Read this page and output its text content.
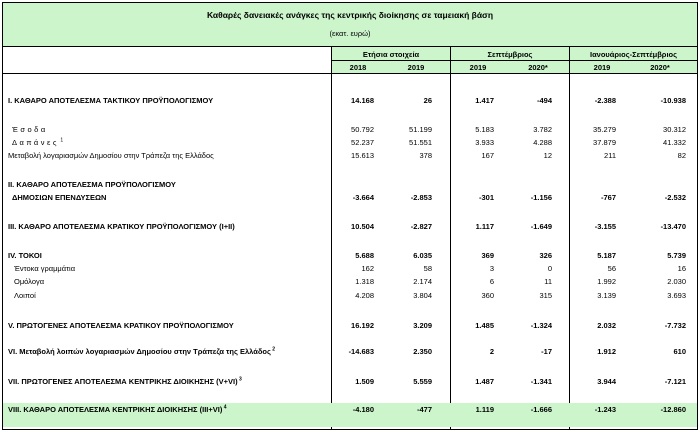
Καθαρές δανειακές ανάγκες της κεντρικής διοίκησης σε ταμειακή βάση
(εκατ. ευρώ)
Ετήσια στοιχεία	Σεπτέμβριος	Ιανουάριος-Σεπτέμβριος
2018	2019	2019	2020*	2019	2020*
I. ΚΑΘΑΡΟ ΑΠΟΤΕΛΕΣΜΑ ΤΑΚΤΙΚΟΥ ΠΡΟΫΠΟΛΟΓΙΣΜΟΥ	14.168	26	1.417	-494	-2.388	-10.938
Έσοδα	50.792	51.199	5.183	3.782	35.279	30.312
Δαπάνες $^1$	52.237	51.551	3.933	4.288	37.879	41.332
Μεταβολή λογαριασμών Δημοσίου στην Τράπεζα της Ελλάδος	15.613	378	167	12	211	82
II. ΚΑΘΑΡΟ ΑΠΟΤΕΛΕΣΜΑ ΠΡΟΫΠΟΛΟΓΙΣΜΟΥ
ΔΗΜΟΣΙΩΝ ΕΠΕΝΔΥΣΕΩΝ	-3.664	-2.853	-301	-1.156	-767	-2.532
III. ΚΑΘΑΡΟ ΑΠΟΤΕΛΕΣΜΑ ΚΡΑΤΙΚΟΥ ΠΡΟΫΠΟΛΟΓΙΣΜΟΥ (I+II)	10.504	-2.827	1.117	-1.649	-3.155	-13.470
IV. ΤΟΚΟΙ	5.688	6.035	369	326	5.187	5.739
Έντοκα γραμμάτια	162	58	3	0	56	16
Ομόλογα	1.318	2.174	6	11	1.992	2.030
Λοιποί	4.208	3.804	360	315	3.139	3.693
V. ΠΡΩΤΟΓΕΝΕΣ ΑΠΟΤΕΛΕΣΜΑ ΚΡΑΤΙΚΟΥ ΠΡΟΫΠΟΛΟΓΙΣΜΟΥ	16.192	3.209	1.485	-1.324	2.032	-7.732
VI. Μεταβολή λοιπών λογαριασμών Δημοσίου στην Τράπεζα της Ελλάδος $^2$	-14.683	2.350	2	-17	1.912	610
VII. ΠΡΩΤΟΓΕΝΕΣ ΑΠΟΤΕΛΕΣΜΑ ΚΕΝΤΡΙΚΗΣ ΔΙΟΙΚΗΣΗΣ (V+VI) $^3$	1.509	5.559	1.487	-1.341	3.944	-7.121
VIII. ΚΑΘΑΡΟ ΑΠΟΤΕΛΕΣΜΑ ΚΕΝΤΡΙΚΗΣ ΔΙΟΙΚΗΣΗΣ (III+VI) $^4$	-4.180	-477	1.119	-1.666	-1.243	-12.860
